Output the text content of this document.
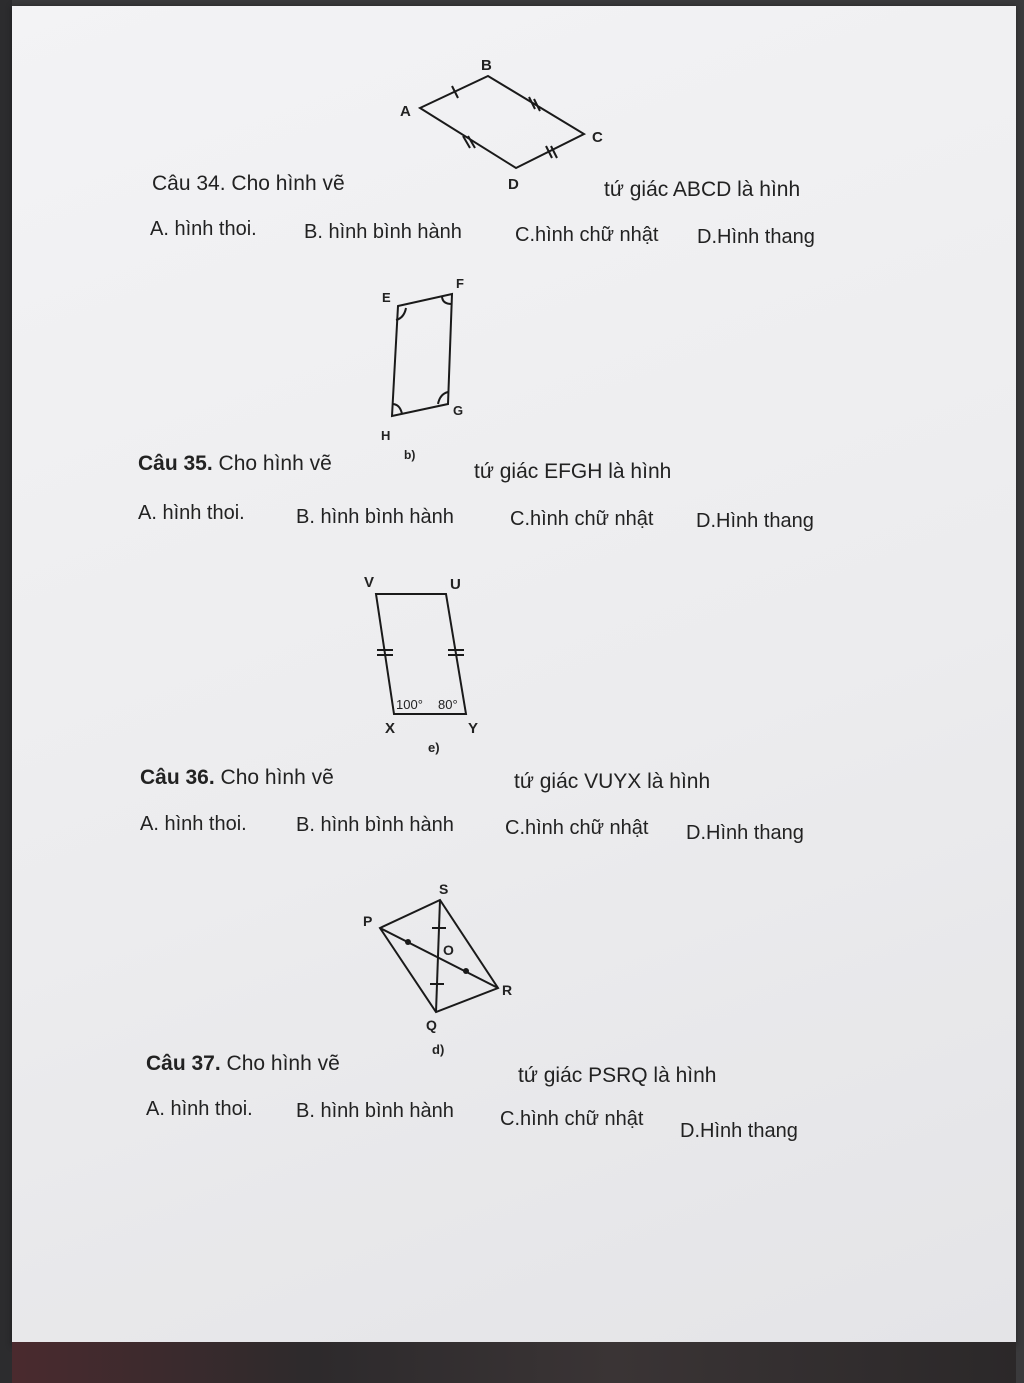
A
B
C
D
E
F
G
H
b)
V	U
Y
X
100° 80°
e)
P
S
R
Q
O
d)
Câu 34. Cho hình vẽ	tứ giác ABCD là hình
A. hình thoi. B. hình bình hành	C.hình chữ nhật D.Hình thang
Câu 35. Cho hình vẽ	tứ giác EFGH là hình
A. hình thoi.	B. hình bình hành	C.hình chữ nhật D.Hình thang
Câu 36. Cho hình vẽ	tứ giác VUYX là hình
A. hình thoi. B. hình bình hành	C.hình chữ nhật D.Hình thang
Câu 37. Cho hình vẽ
tứ giác PSRQ là hình
A. hình thoi. B. hình bình hành C.hình chữ nhật
D.Hình thang
